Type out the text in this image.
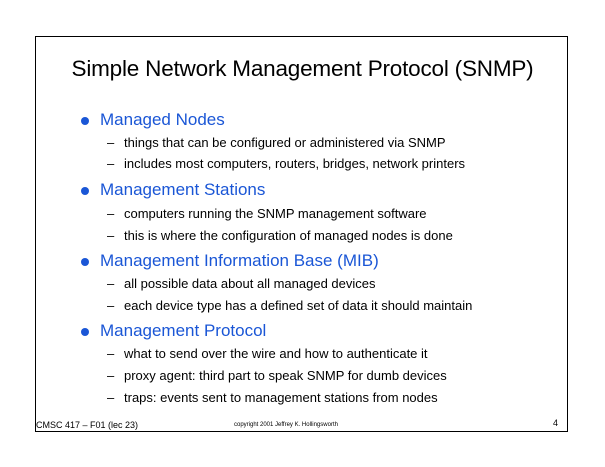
Simple Network Management Protocol (SNMP)
Managed Nodes
– things that can be configured or administered via SNMP
– includes most computers, routers, bridges, network printers
Management Stations
– computers running the SNMP management software
– this is where the configuration of managed nodes is done
Management Information Base (MIB)
– all possible data about all managed devices
– each device type has a defined set of data it should maintain
Management Protocol
– what to send over the wire and how to authenticate it
– proxy agent: third part to speak SNMP for dumb devices
– traps: events sent to management stations from nodes
CMSC 417 – F01 (lec 23)	copyright 2001 Jeffrey K. Hollingsworth	4
